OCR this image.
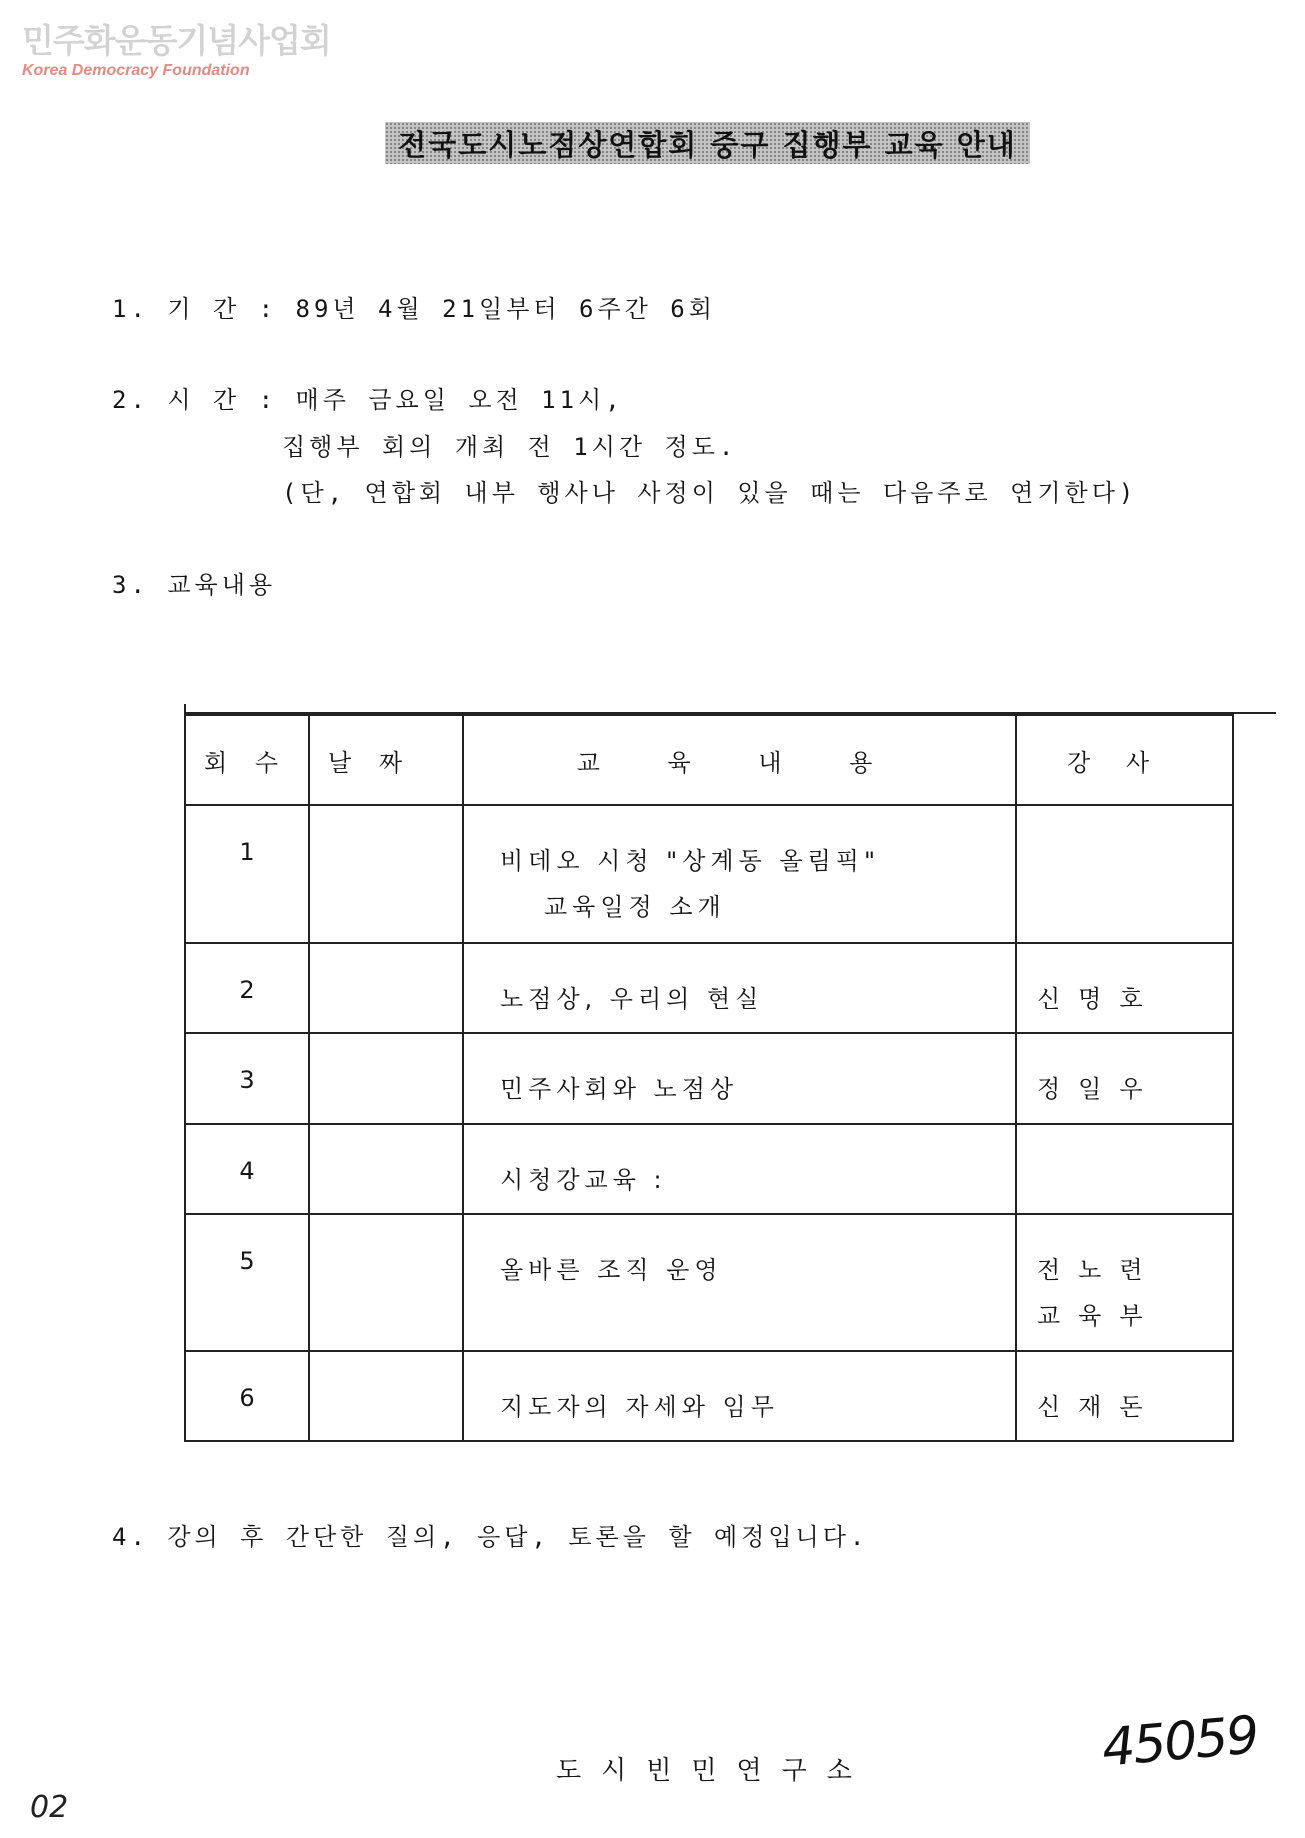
민주화운동기념사업회
Korea Democracy Foundation
전국도시노점상연합회 중구 집행부 교육 안내
1. 기 간 : 89년 4월 21일부터 6주간 6회
2. 시 간 : 매주 금요일 오전 11시,
집행부 회의 개최 전 1시간 정도.
(단, 연합회 내부 행사나 사정이 있을 때는 다음주로 연기한다)
3. 교육내용
회 수	날 짜	교 육 내 용	강 사
1		비데오 시청 "상계동 올림픽"

교육일정 소개	

2		노점상, 우리의 현실	신명호
3		민주사회와 노점상	정일우
4		시청강교육 :	
5		올바른 조직 운영	전노련
교육부
6		지도자의 자세와 임무	신재돈
4. 강의 후 간단한 질의, 응답, 토론을 할 예정입니다.
도시빈민연구소	45059
02
